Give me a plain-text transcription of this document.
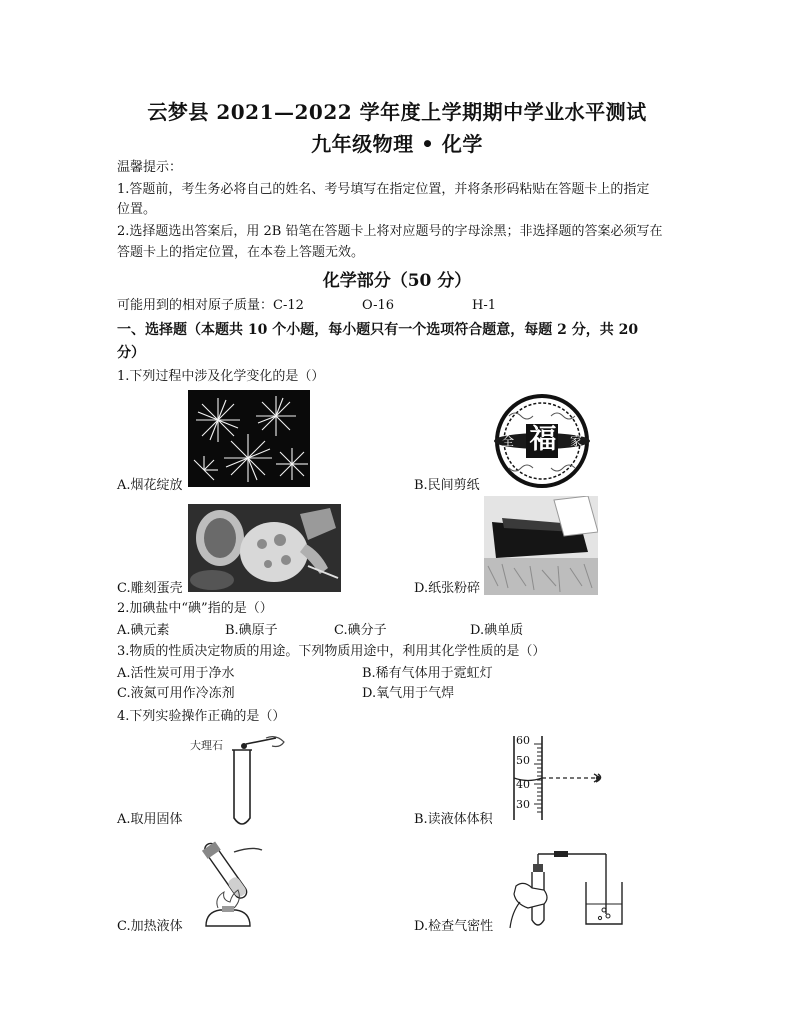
云梦县 2021—2022 学年度上学期期中学业水平测试
九年级物理 • 化学
温馨提示：
1.答题前，考生务必将自己的姓名、考号填写在指定位置，并将条形码粘贴在答题卡上的指定
位置。
2.选择题选出答案后，用 2B 铅笔在答题卡上将对应题号的字母涂黑；非选择题的答案必须写在
答题卡上的指定位置，在本卷上答题无效。
化学部分（50 分）
可能用到的相对原子质量：C-12	O-16	H-1
一、选择题（本题共 10 个小题，每小题只有一个选项符合题意，每题 2 分，共 20
分）
1.下列过程中涉及化学变化的是（）
A.烟花绽放
福
全	家
B.民间剪纸
C.雕刻蛋壳	D.纸张粉碎
2.加碘盐中“碘”指的是（）
A.碘元素	B.碘原子	C.碘分子	D.碘单质
3.物质的性质决定物质的用途。下列物质用途中，利用其化学性质的是（）
A.活性炭可用于净水	B.稀有气体用于霓虹灯
C.液氮可用作冷冻剂	D.氧气用于气焊
4.下列实验操作正确的是（）
大理石
A.取用固体
60
50
40
30
B.读液体体积
C.加热液体	D.检查气密性
